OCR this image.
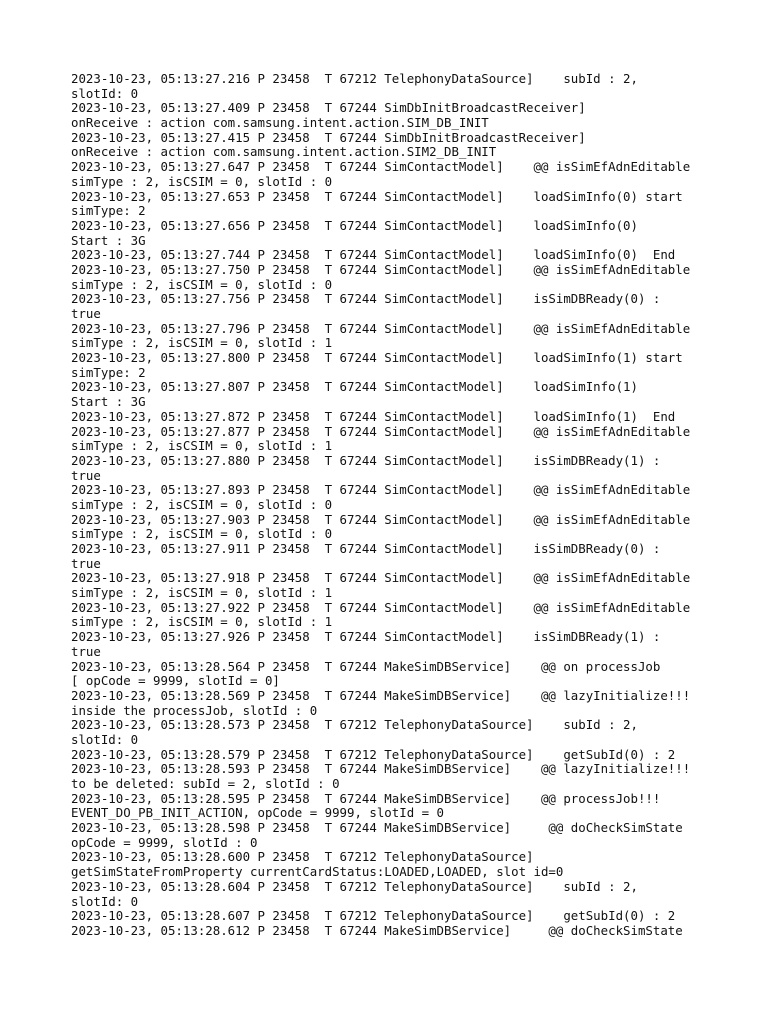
2023-10-23, 05:13:27.216 P 23458  T 67212 TelephonyDataSource]    subId : 2,
slotId: 0
2023-10-23, 05:13:27.409 P 23458  T 67244 SimDbInitBroadcastReceiver]
onReceive : action com.samsung.intent.action.SIM_DB_INIT
2023-10-23, 05:13:27.415 P 23458  T 67244 SimDbInitBroadcastReceiver]
onReceive : action com.samsung.intent.action.SIM2_DB_INIT
2023-10-23, 05:13:27.647 P 23458  T 67244 SimContactModel]    @@ isSimEfAdnEditable
simType : 2, isCSIM = 0, slotId : 0
2023-10-23, 05:13:27.653 P 23458  T 67244 SimContactModel]    loadSimInfo(0) start
simType: 2
2023-10-23, 05:13:27.656 P 23458  T 67244 SimContactModel]    loadSimInfo(0)
Start : 3G
2023-10-23, 05:13:27.744 P 23458  T 67244 SimContactModel]    loadSimInfo(0)  End
2023-10-23, 05:13:27.750 P 23458  T 67244 SimContactModel]    @@ isSimEfAdnEditable
simType : 2, isCSIM = 0, slotId : 0
2023-10-23, 05:13:27.756 P 23458  T 67244 SimContactModel]    isSimDBReady(0) :
true
2023-10-23, 05:13:27.796 P 23458  T 67244 SimContactModel]    @@ isSimEfAdnEditable
simType : 2, isCSIM = 0, slotId : 1
2023-10-23, 05:13:27.800 P 23458  T 67244 SimContactModel]    loadSimInfo(1) start
simType: 2
2023-10-23, 05:13:27.807 P 23458  T 67244 SimContactModel]    loadSimInfo(1)
Start : 3G
2023-10-23, 05:13:27.872 P 23458  T 67244 SimContactModel]    loadSimInfo(1)  End
2023-10-23, 05:13:27.877 P 23458  T 67244 SimContactModel]    @@ isSimEfAdnEditable
simType : 2, isCSIM = 0, slotId : 1
2023-10-23, 05:13:27.880 P 23458  T 67244 SimContactModel]    isSimDBReady(1) :
true
2023-10-23, 05:13:27.893 P 23458  T 67244 SimContactModel]    @@ isSimEfAdnEditable
simType : 2, isCSIM = 0, slotId : 0
2023-10-23, 05:13:27.903 P 23458  T 67244 SimContactModel]    @@ isSimEfAdnEditable
simType : 2, isCSIM = 0, slotId : 0
2023-10-23, 05:13:27.911 P 23458  T 67244 SimContactModel]    isSimDBReady(0) :
true
2023-10-23, 05:13:27.918 P 23458  T 67244 SimContactModel]    @@ isSimEfAdnEditable
simType : 2, isCSIM = 0, slotId : 1
2023-10-23, 05:13:27.922 P 23458  T 67244 SimContactModel]    @@ isSimEfAdnEditable
simType : 2, isCSIM = 0, slotId : 1
2023-10-23, 05:13:27.926 P 23458  T 67244 SimContactModel]    isSimDBReady(1) :
true
2023-10-23, 05:13:28.564 P 23458  T 67244 MakeSimDBService]    @@ on processJob
[ opCode = 9999, slotId = 0]
2023-10-23, 05:13:28.569 P 23458  T 67244 MakeSimDBService]    @@ lazyInitialize!!!
inside the processJob, slotId : 0
2023-10-23, 05:13:28.573 P 23458  T 67212 TelephonyDataSource]    subId : 2,
slotId: 0
2023-10-23, 05:13:28.579 P 23458  T 67212 TelephonyDataSource]    getSubId(0) : 2
2023-10-23, 05:13:28.593 P 23458  T 67244 MakeSimDBService]    @@ lazyInitialize!!!
to be deleted: subId = 2, slotId : 0
2023-10-23, 05:13:28.595 P 23458  T 67244 MakeSimDBService]    @@ processJob!!!
EVENT_DO_PB_INIT_ACTION, opCode = 9999, slotId = 0
2023-10-23, 05:13:28.598 P 23458  T 67244 MakeSimDBService]     @@ doCheckSimState
opCode = 9999, slotId : 0
2023-10-23, 05:13:28.600 P 23458  T 67212 TelephonyDataSource]
getSimStateFromProperty currentCardStatus:LOADED,LOADED, slot id=0
2023-10-23, 05:13:28.604 P 23458  T 67212 TelephonyDataSource]    subId : 2,
slotId: 0
2023-10-23, 05:13:28.607 P 23458  T 67212 TelephonyDataSource]    getSubId(0) : 2
2023-10-23, 05:13:28.612 P 23458  T 67244 MakeSimDBService]     @@ doCheckSimState
